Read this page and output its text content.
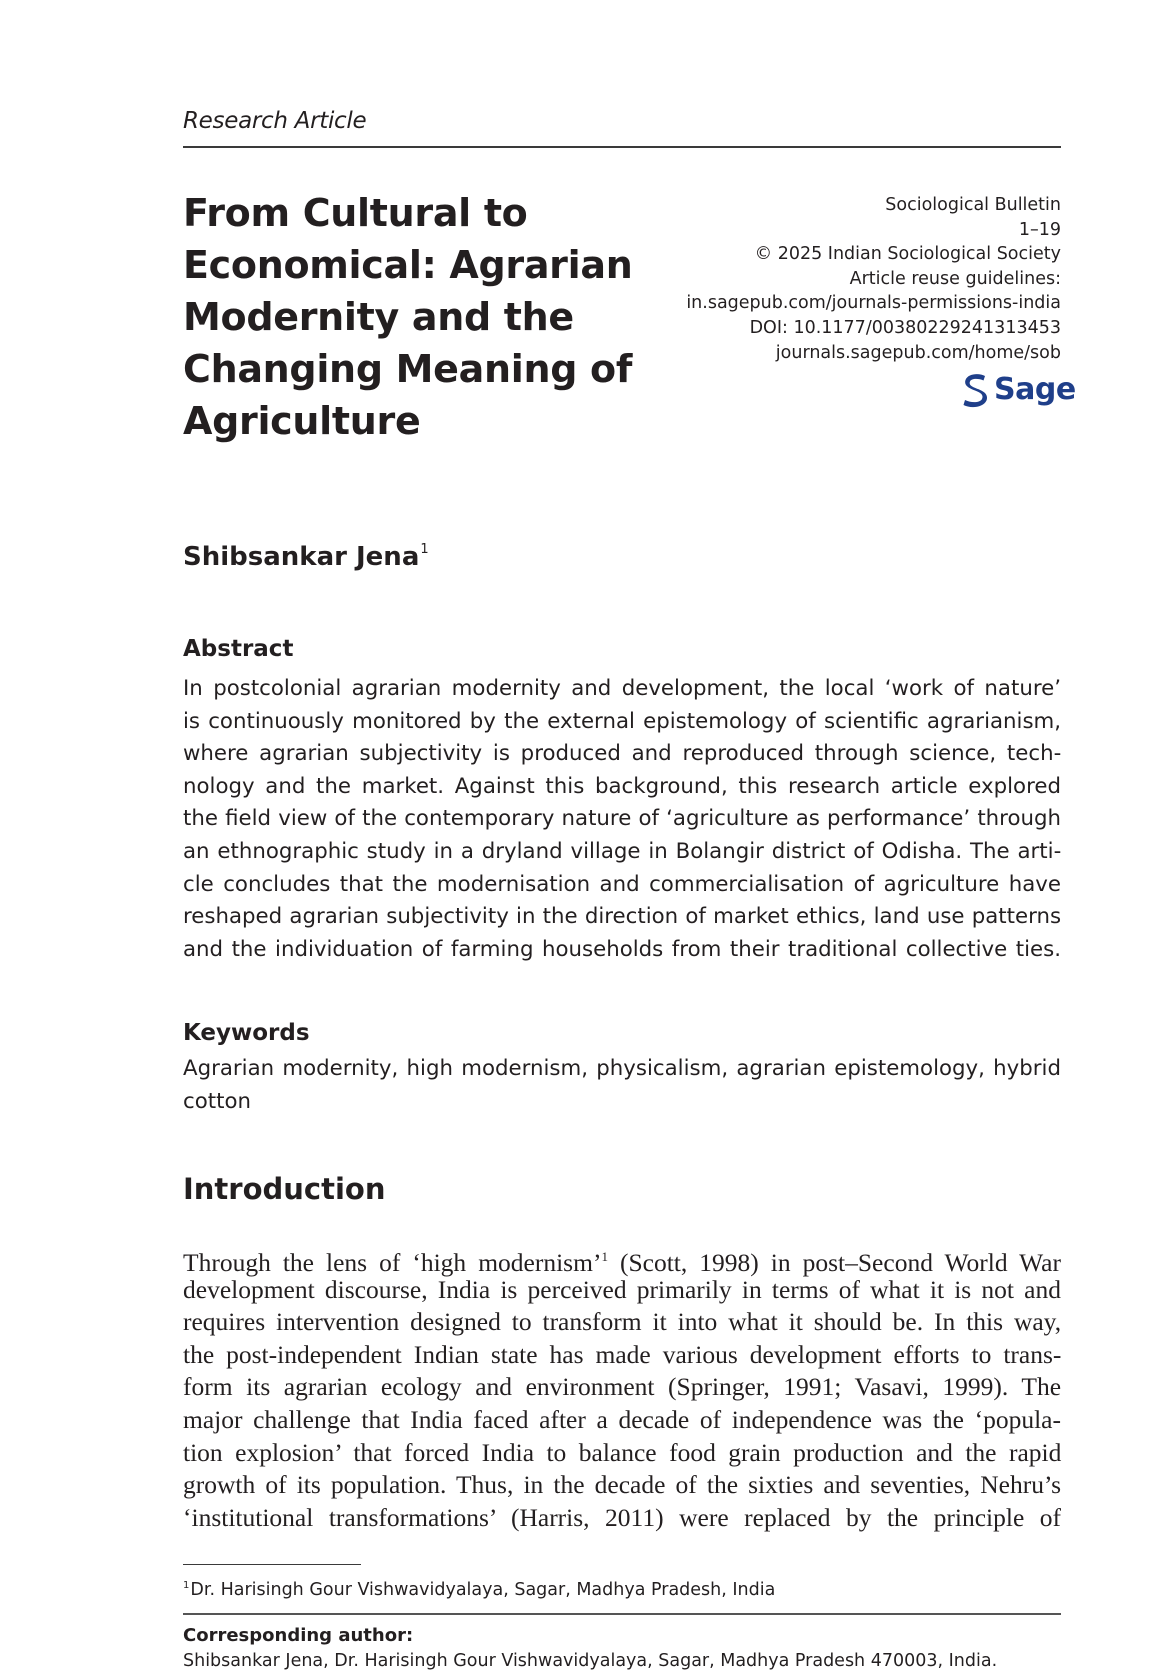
Research Article
From Cultural to
Economical: Agrarian
Modernity and the
Changing Meaning of
Agriculture
Sociological Bulletin
1–19
© 2025 Indian Sociological Society
Article reuse guidelines:
in.sagepub.com/journals-permissions-india
DOI: 10.1177/00380229241313453
journals.sagepub.com/home/sob
Sage
Shibsankar Jena$^1$
Abstract
In postcolonial agrarian modernity and development, the local ‘work of nature’
is continuously monitored by the external epistemology of scientific agrarianism,
where agrarian subjectivity is produced and reproduced through science, tech-
nology and the market. Against this background, this research article explored
the field view of the contemporary nature of ‘agriculture as performance’ through
an ethnographic study in a dryland village in Bolangir district of Odisha. The arti-
cle concludes that the modernisation and commercialisation of agriculture have
reshaped agrarian subjectivity in the direction of market ethics, land use patterns
and the individuation of farming households from their traditional collective ties.
Keywords
Agrarian modernity, high modernism, physicalism, agrarian epistemology, hybrid
cotton
Introduction
Through the lens of ‘high modernism’$^1$ (Scott, 1998) in post–Second World War
development discourse, India is perceived primarily in terms of what it is not and
requires intervention designed to transform it into what it should be. In this way,
the post-independent Indian state has made various development efforts to trans-
form its agrarian ecology and environment (Springer, 1991; Vasavi, 1999). The
major challenge that India faced after a decade of independence was the ‘popula-
tion explosion’ that forced India to balance food grain production and the rapid
growth of its population. Thus, in the decade of the sixties and seventies, Nehru’s
‘institutional transformations’ (Harris, 2011) were replaced by the principle of
$^1$Dr. Harisingh Gour Vishwavidyalaya, Sagar, Madhya Pradesh, India
Corresponding author:
Shibsankar Jena, Dr. Harisingh Gour Vishwavidyalaya, Sagar, Madhya Pradesh 470003, India.
